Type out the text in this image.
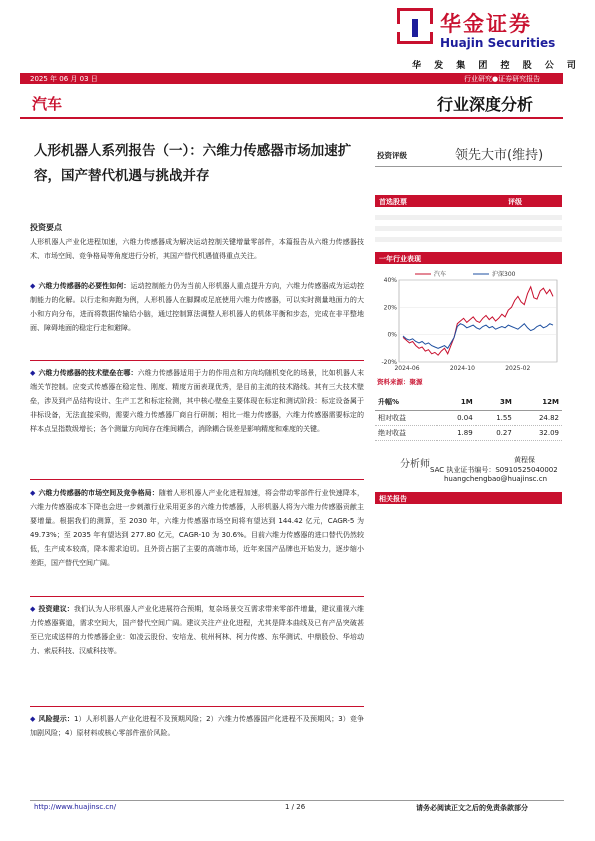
华金证券
Huajin Securities
华 发 集 团 控 股 公 司
2025 年 06 月 03 日	行业研究●证券研究报告
汽车	行业深度分析
人形机器人系列报告（一）：六维力传感器市场加速扩容，国产替代机遇与挑战并存
投资评级	领先大市(维持)
首选股票	评级
一年行业表现
40%
20%
0%
-20%
2024-06	2024-10	2025-02
汽车	沪深300
资料来源：聚源
升幅%	1M	3M	12M
相对收益	0.04	1.55	24.82
绝对收益	1.89	0.27	32.09
分析师	黄程保
SAC 执业证书编号：S0910525040002
huangchengbao@huajinsc.cn
相关报告
投资要点
人形机器人产业化进程加速，六维力传感器成为解决运动控制关键增量零部件，本篇报告从六维力传感器技术、市场空间、竞争格局等角度进行分析，其国产替代机遇值得重点关注。
◆ 六维力传感器的必要性如何：运动控制能力仍为当前人形机器人重点提升方向，六维力传感器成为运动控制能力的化解。以行走和奔跑为例，人形机器人在脚踝或足底使用六维力传感器，可以实时测量地面力的大小和方向分布，进而将数据传输给小脑，通过控制算法调整人形机器人的机体平衡和步态，完成在非平整地面、障碍地面的稳定行走和避障。
◆ 六维力传感器的技术壁垒在哪：六维力传感器适用于力的作用点和方向均随机变化的场景，比如机器人末端关节控制。应变式传感器在稳定性、刚度、精度方面表现优秀，是目前主流的技术路线。其有三大技术壁垒，涉及到产品结构设计、生产工艺和标定检测，其中核心壁垒主要体现在标定和测试阶段：标定设备属于非标设备，无法直接采购，需要六维力传感器厂商自行研制；相比一维力传感器，六维力传感器需要标定的样本点呈指数级增长；各个测量方向间存在维间耦合，消除耦合误差是影响精度和难度的关键。
◆ 六维力传感器的市场空间及竞争格局：随着人形机器人产业化进程加速，将会带动零部件行业快速降本，六维力传感器成本下降也会进一步刺激行业采用更多的六维力传感器，人形机器人将为六维力传感器贡献主要增量。根据我们的测算，至 2030 年，六维力传感器市场空间将有望达到 144.42 亿元，CAGR-5 为 49.73%；至 2035 年有望达到 277.80 亿元，CAGR-10 为 30.6%。目前六维力传感器的进口替代仍然较低，生产成本较高，降本需求迫切。且外资占据了主要的高端市场，近年来国产品牌也开始发力，逐步缩小差距，国产替代空间广阔。
◆ 投资建议：我们认为人形机器人产业化进展符合预期，复杂场景交互需求带来零部件增量，建议重视六维力传感器赛道，需求空间大，国产替代空间广阔。建议关注产业化进程，尤其是降本曲线及已有产品突破甚至已完成送样的力传感器企业：如凌云股份、安培龙、杭州柯林、柯力传感、东华测试、中鼎股份、华培动力、索辰科技、汉威科技等。
◆ 风险提示：1）人形机器人产业化进程不及预期风险；2）六维力传感器国产化进程不及预期风；3）竞争加剧风险；4）原材料或核心零部件涨价风险。
http://www.huajinsc.cn/	1 / 26	请务必阅读正文之后的免责条款部分
